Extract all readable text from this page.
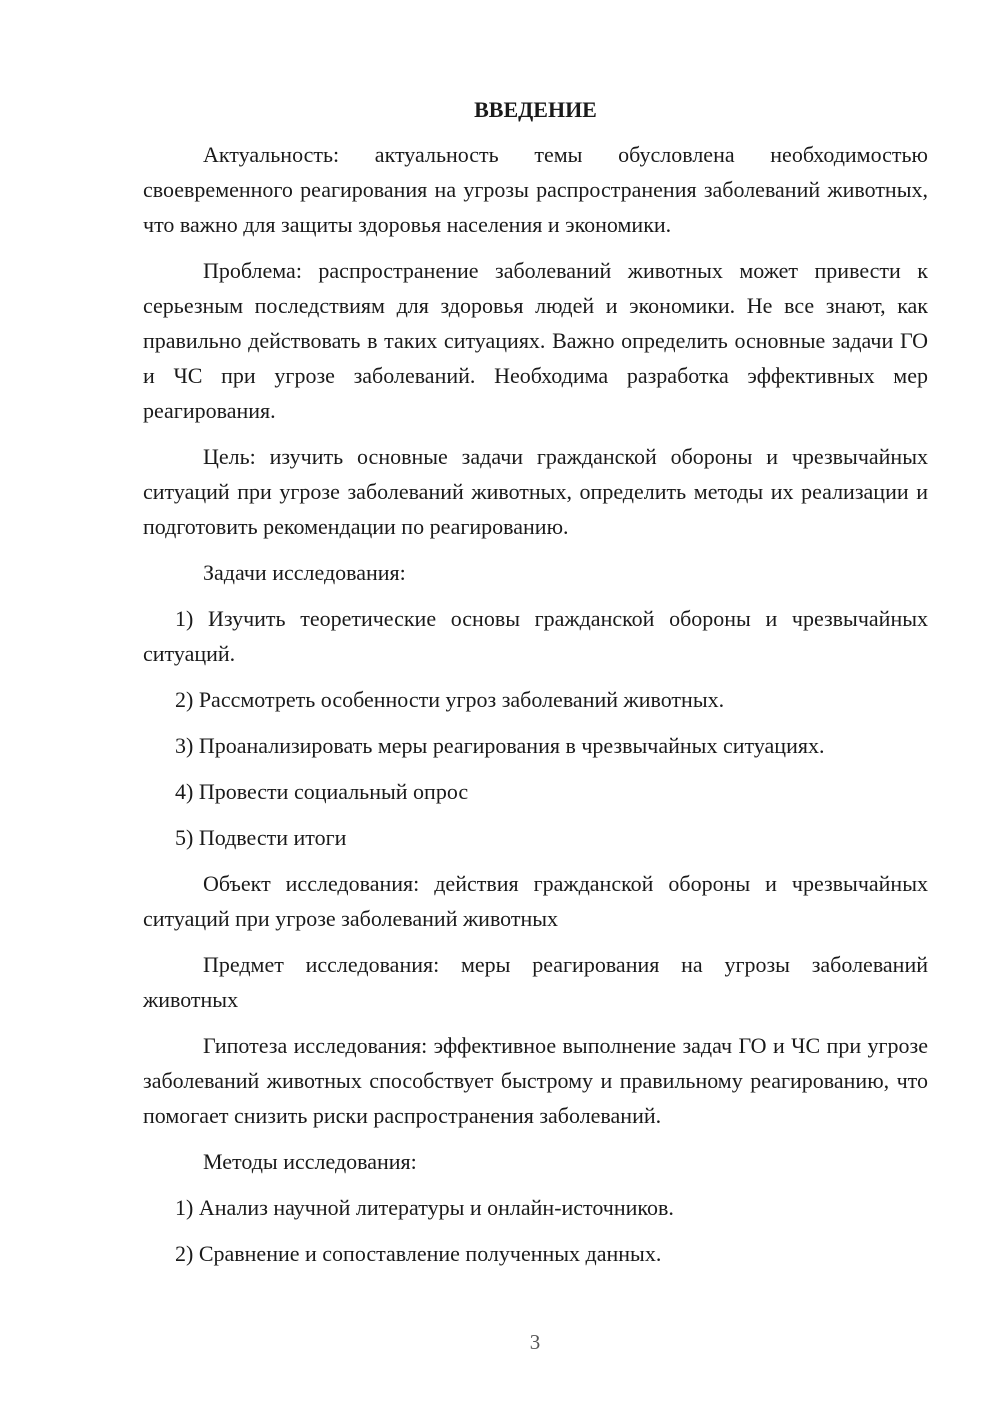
ВВЕДЕНИЕ

Актуальность: актуальность темы обусловлена необходимостью своевременного реагирования на угрозы распространения заболеваний животных, что важно для защиты здоровья населения и экономики.

Проблема: распространение заболеваний животных может привести к серьезным последствиям для здоровья людей и экономики. Не все знают, как правильно действовать в таких ситуациях. Важно определить основные задачи ГО и ЧС при угрозе заболеваний. Необходима разработка эффективных мер реагирования.

Цель: изучить основные задачи гражданской обороны и чрезвычайных ситуаций при угрозе заболеваний животных, определить методы их реализации и подготовить рекомендации по реагированию.

Задачи исследования:

1) Изучить теоретические основы гражданской обороны и чрезвычайных ситуаций.

2) Рассмотреть особенности угроз заболеваний животных.

3) Проанализировать меры реагирования в чрезвычайных ситуациях.

4) Провести социальный опрос

5) Подвести итоги

Объект исследования: действия гражданской обороны и чрезвычайных ситуаций при угрозе заболеваний животных

Предмет исследования: меры реагирования на угрозы заболеваний животных

Гипотеза исследования: эффективное выполнение задач ГО и ЧС при угрозе заболеваний животных способствует быстрому и правильному реагированию, что помогает снизить риски распространения заболеваний.

Методы исследования:

1) Анализ научной литературы и онлайн-источников.

2) Сравнение и сопоставление полученных данных.

3
